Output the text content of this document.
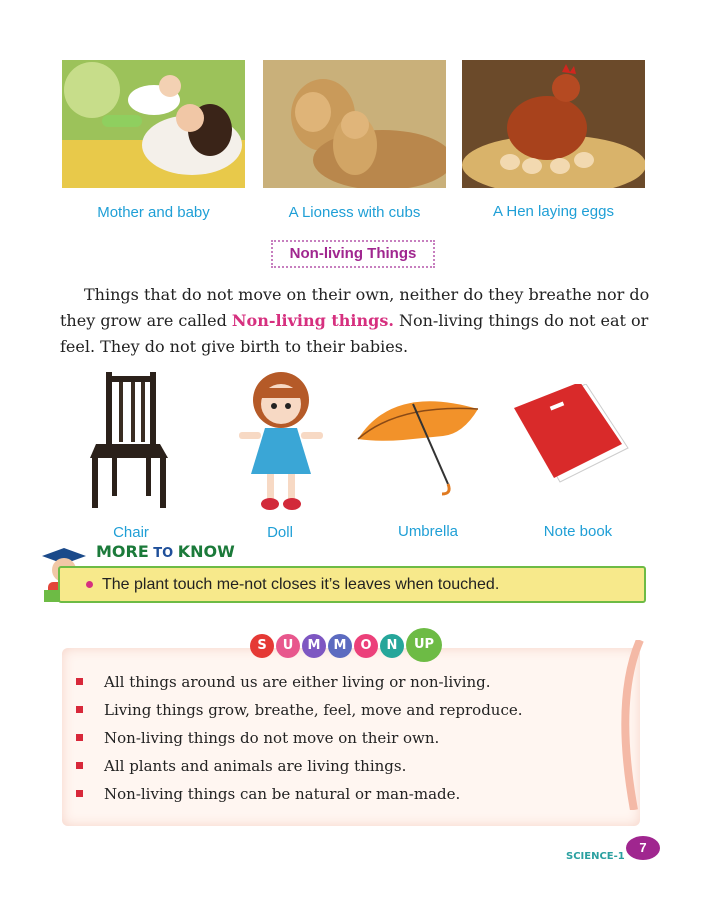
Mother and baby	A Lioness with cubs	A Hen laying eggs
Non-living Things
Things that do not move on their own, neither do they breathe nor do they grow are called Non-living things. Non-living things do not eat or feel. They do not give birth to their babies.
Chair	Doll	Umbrella	Note book
The plant touch me-not closes it’s leaves when touched.
MORE TO KNOW
S U M M O N UP
All things around us are either living or non-living.
Living things grow, breathe, feel, move and reproduce.
Non-living things do not move on their own.
All plants and animals are living things.
Non-living things can be natural or man-made.
SCIENCE-1
7
